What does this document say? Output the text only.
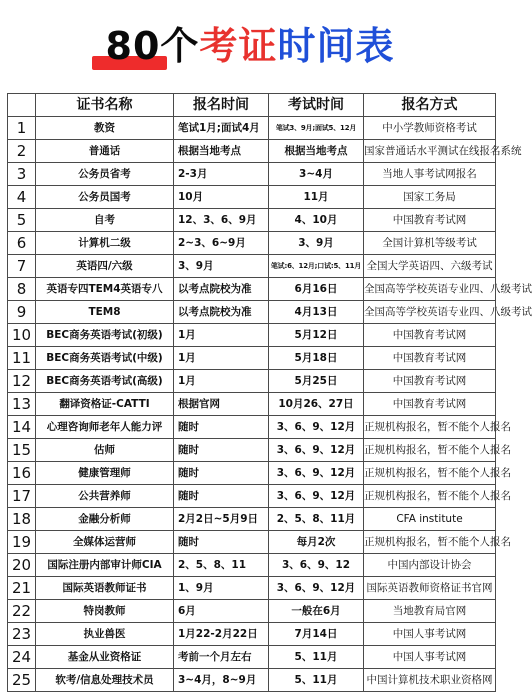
80个考证时间表
	证书名称	报名时间	考试时间	报名方式
1	教资	笔试1月;面试4月	笔试3、9月;面试5、12月	中小学教师资格考试
2	普通话	根据当地考点	根据当地考点	国家普通话水平测试在线报名系统
3	公务员省考	2-3月	3~4月	当地人事考试网报名
4	公务员国考	10月	11月	国家工务局
5	自考	12、3、6、9月	4、10月	中国教育考试网
6	计算机二级	2~3、6~9月	3、9月	全国计算机等级考试
7	英语四/六级	3、9月	笔试:6、12月;口试:5、11月	全国大学英语四、六级考试
8	英语专四TEM4英语专八	以考点院校为准	6月16日	全国高等学校英语专业四、八级考试
9	TEM8	以考点院校为准	4月13日	全国高等学校英语专业四、八级考试
10	BEC商务英语考试(初级)	1月	5月12日	中国教育考试网
11	BEC商务英语考试(中级)	1月	5月18日	中国教育考试网
12	BEC商务英语考试(高级)	1月	5月25日	中国教育考试网
13	翻译资格证-CATTI	根据官网	10月26、27日	中国教育考试网
14	心理咨询师老年人能力评	随时	3、6、9、12月	正规机构报名，暂不能个人报名
15	估师	随时	3、6、9、12月	正规机构报名，暂不能个人报名
16	健康管理师	随时	3、6、9、12月	正规机构报名，暂不能个人报名
17	公共营养师	随时	3、6、9、12月	正规机构报名，暂不能个人报名
18	金融分析师	2月2日~5月9日	2、5、8、11月	CFA institute
19	全媒体运营师	随时	每月2次	正规机构报名，暂不能个人报名
20	国际注册内部审计师CIA	2、5、8、11	3、6、9、12	中国内部设计协会
21	国际英语教师证书	1、9月	3、6、9、12月	国际英语教师资格证书官网
22	特岗教师	6月	一般在6月	当地教育局官网
23	执业兽医	1月22-2月22日	7月14日	中国人事考试网
24	基金从业资格证	考前一个月左右	5、11月	中国人事考试网
25	软考/信息处理技术员	3~4月，8~9月	5、11月	中国计算机技术职业资格网
